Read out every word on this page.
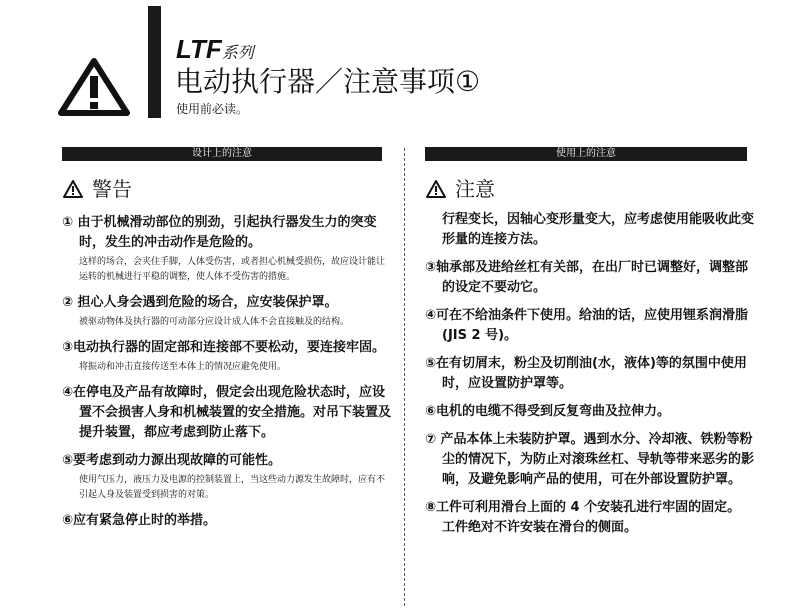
LTF系列
电动执行器／注意事项①
使用前必读。
设计上的注意
警告
① 由于机械滑动部位的别劲，引起执行器发生力的突变时，发生的冲击动作是危险的。
这样的场合，会夹住手脚，人体受伤害，或者担心机械受损伤，故应设计能让运转的机械进行平稳的调整，使人体不受伤害的措施。
② 担心人身会遇到危险的场合，应安装保护罩。
被驱动物体及执行器的可动部分应设计成人体不会直接触及的结构。
③电动执行器的固定部和连接部不要松动，要连接牢固。
将振动和冲击直接传送至本体上的情况应避免使用。
④在停电及产品有故障时，假定会出现危险状态时，应设置不会损害人身和机械装置的安全措施。对吊下装置及提升装置，都应考虑到防止落下。
⑤要考虑到动力源出现故障的可能性。
使用气压力，液压力及电源的控制装置上，当这些动力源发生故障时，应有不引起人身及装置受到损害的对策。
⑥应有紧急停止时的举措。
使用上的注意
注意
行程变长，因轴心变形量变大，应考虑使用能吸收此变形量的连接方法。
③轴承部及进给丝杠有关部，在出厂时已调整好，调整部的设定不要动它。
④可在不给油条件下使用。给油的话，应使用锂系润滑脂(JIS 2 号)。
⑤在有切屑末，粉尘及切削油(水，液体)等的氛围中使用时，应设置防护罩等。
⑥电机的电缆不得受到反复弯曲及拉伸力。
⑦ 产品本体上未装防护罩。遇到水分、冷却液、铁粉等粉尘的情况下，为防止对滚珠丝杠、导轨等带来恶劣的影响，及避免影响产品的使用，可在外部设置防护罩。
⑧工件可利用滑台上面的 4 个安装孔进行牢固的固定。
工件绝对不许安装在滑台的侧面。
